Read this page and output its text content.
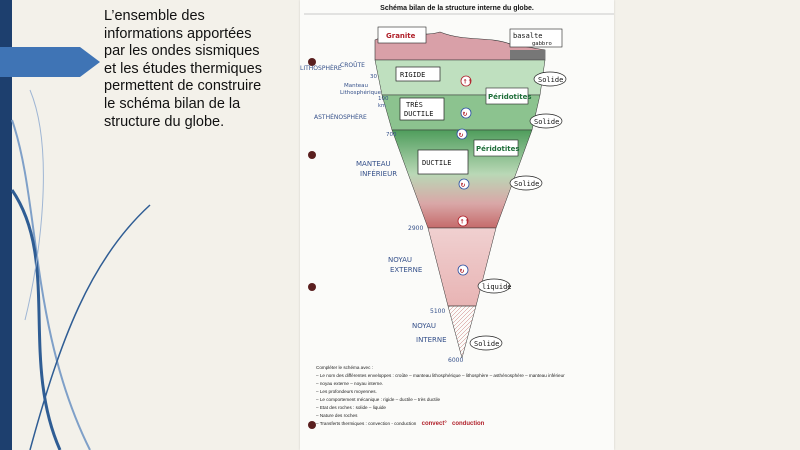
L’ensemble des
informations apportées
par les ondes sismiques
et les études thermiques
permettent de construire
le schéma bilan de la
structure du globe.
Schéma bilan de la structure interne du globe.
Granite	basalte
gabbro
LITHOSPHÈRE
CROÛTE
Manteau
Lithosphérique
ASTHÉNOSPHÈRE
MANTEAU
INFÉRIEUR
NOYAU
EXTERNE
NOYAU
INTERNE
30
100
km
700
2900
5100
6000
RIGIDE
TRÈS
DUCTILE
DUCTILE
Péridotites
Péridotites
Solide
Solide
Solide
liquide
Solide
↑↑
↻
↻
↻
↑↑
↻
Compléter le schéma avec :
– Le nom des différentes enveloppes : croûte – manteau lithosphérique – lithosphère – asthénosphère – manteau inférieur
– noyau externe – noyau interne.
– Les profondeurs moyennes.
– Le comportement mécanique : rigide – ductile – très ductile
– Etat des roches : solide – liquide
– Nature des roches
– Transferts thermiques : convection - conduction convect° conduction
